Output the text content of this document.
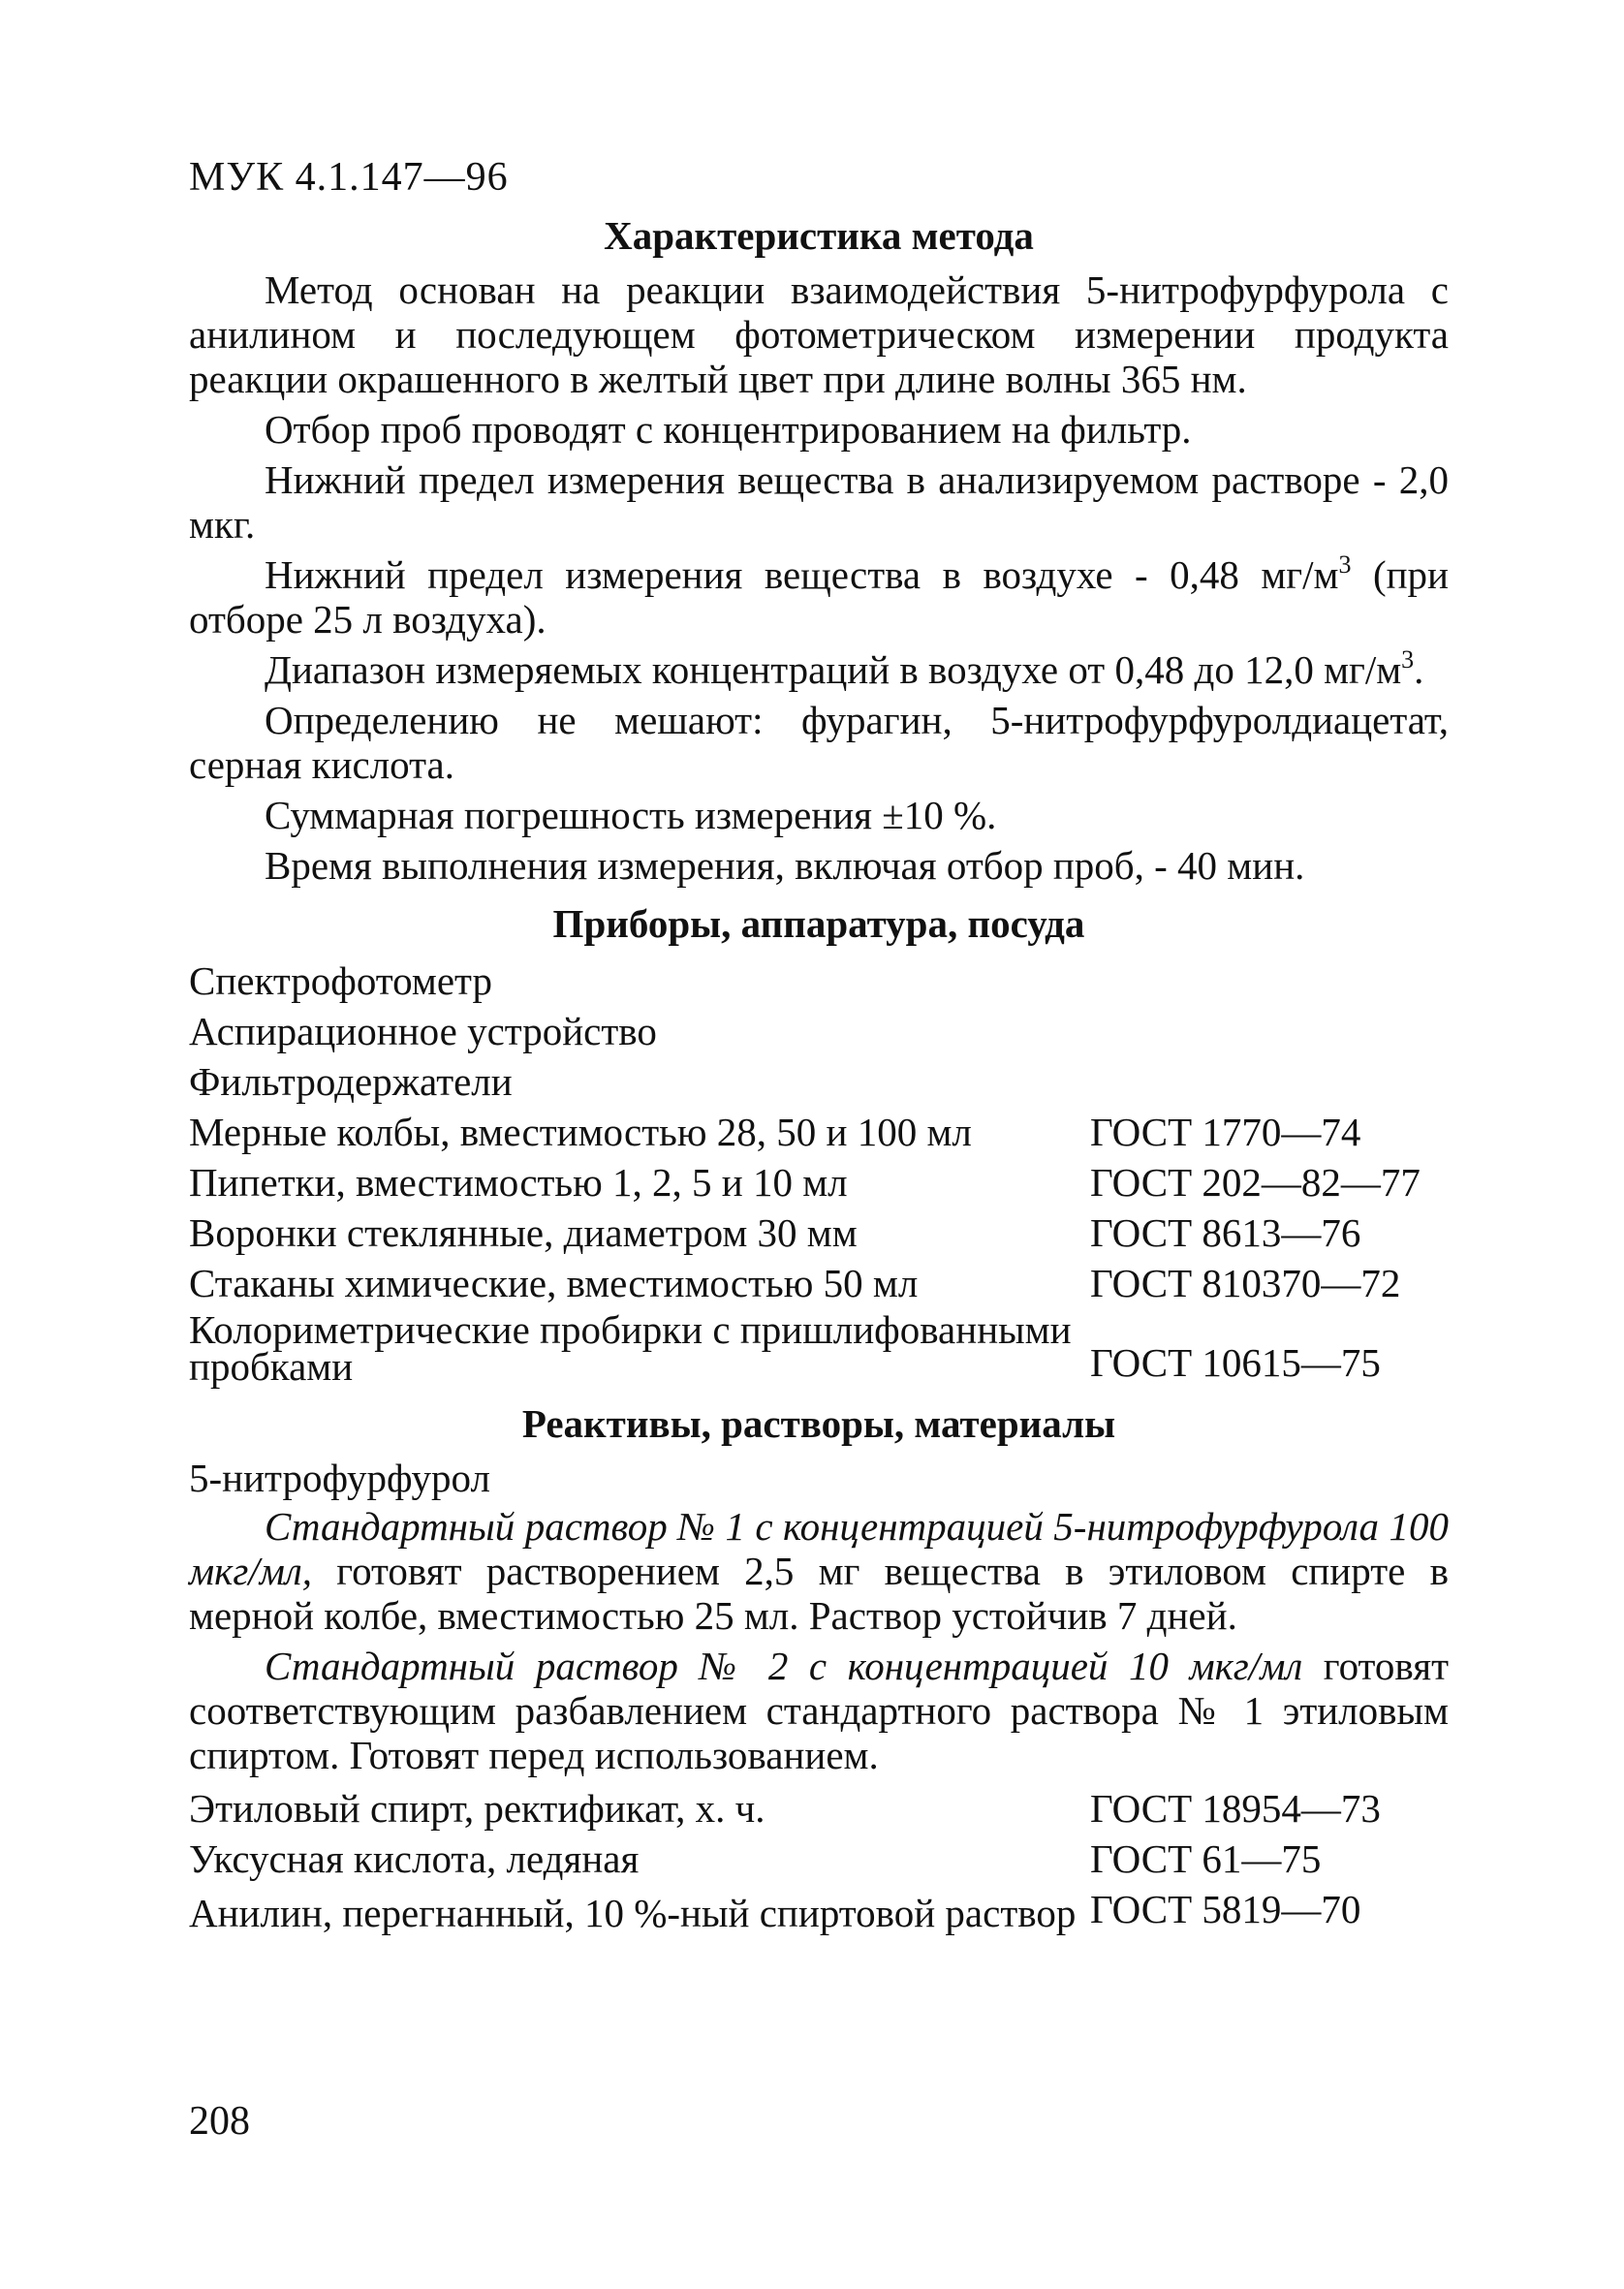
МУК 4.1.147—96
Характеристика метода

Метод основан на реакции взаимодействия 5-нитрофурфурола с анилином и последующем фотометрическом измерении продукта реакции окрашенного в желтый цвет при длине волны 365 нм.

Отбор проб проводят с концентрированием на фильтр.

Нижний предел измерения вещества в анализируемом растворе - 2,0 мкг.

Нижний предел измерения вещества в воздухе - 0,48 $мг/м^3$ (при отборе 25 л воздуха).

Диапазон измеряемых концентраций в воздухе от 0,48 до 12,0 $мг/м^3$.

Определению не мешают: фурагин, 5-нитрофурфуролдиацетат, серная кислота.

Суммарная погрешность измерения ±10 %.

Время выполнения измерения, включая отбор проб, - 40 мин.

Приборы, аппаратура, посуда
Спектрофотометр	
Аспирационное устройство	
Фильтродержатели	
Мерные колбы, вместимостью 28, 50 и 100 мл	ГОСТ 1770—74
Пипетки, вместимостью 1, 2, 5 и 10 мл	ГОСТ 202—82—77
Воронки стеклянные, диаметром 30 мм	ГОСТ 8613—76
Стаканы химические, вместимостью 50 мл	ГОСТ 810370—72
Колориметрические пробирки с пришлифованными пробками	ГОСТ 10615—75
Реактивы, растворы, материалы

5-нитрофурфурол

Стандартный раствор № 1 с концентрацией 5-нитрофурфурола 100 мкг/мл, готовят растворением 2,5 мг вещества в этиловом спирте в мерной колбе, вместимостью 25 мл. Раствор устойчив 7 дней.

Стандартный раствор № 2 с концентрацией 10 мкг/мл готовят соответствующим разбавлением стандартного раствора № 1 этиловым спиртом. Готовят перед использованием.

Этиловый спирт, ректификат, х. ч.	ГОСТ 18954—73
Уксусная кислота, ледяная	ГОСТ 61—75
Анилин, перегнанный, 10 %-ный спиртовой раствор	ГОСТ 5819—70
208
